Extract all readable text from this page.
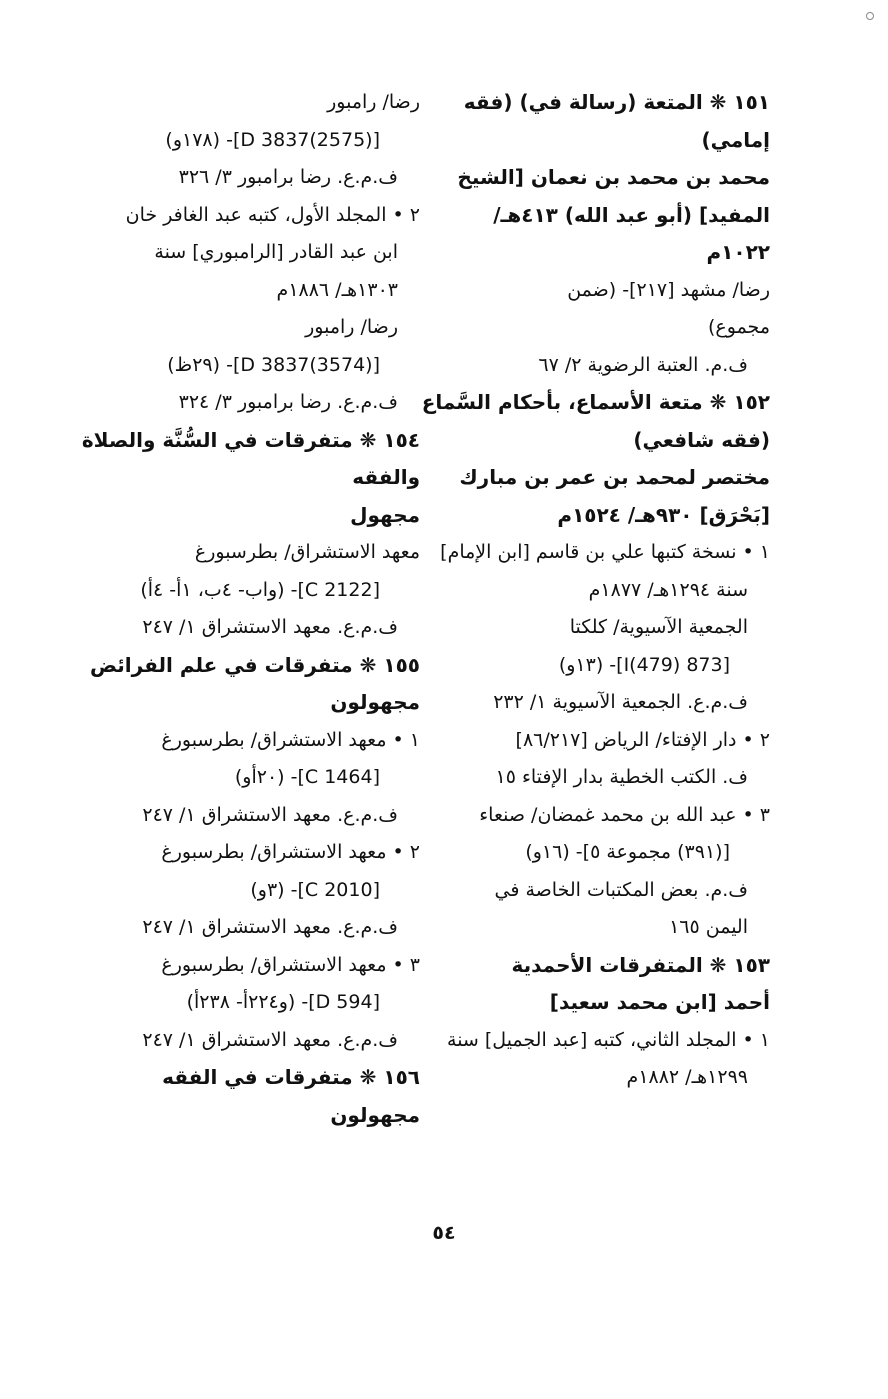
١٥١ ❋ المتعة (رسالة في) (فقه
إمامي)
محمد بن محمد بن نعمان [الشيخ
المفيد] (أبو عبد الله) ٤١٣هـ/
١٠٢٢م
رضا/ مشهد [٢١٧]- (ضمن
مجموع)
ف.م. العتبة الرضوية ٢/ ٦٧
١٥٢ ❋ متعة الأسماع، بأحكام السَّماع
(فقه شافعي)
مختصر لمحمد بن عمر بن مبارك
[بَحْرَق] ٩٣٠هـ/ ١٥٢٤م
١ • نسخة كتبها علي بن قاسم [ابن الإمام]
سنة ١٢٩٤هـ/ ١٨٧٧م
الجمعية الآسيوية/ كلكتا
[873 I(479)]- (١٣و)
ف.م.ع. الجمعية الآسيوية ١/ ٢٣٢
٢ • دار الإفتاء/ الرياض [٨٦/٢١٧]
ف. الكتب الخطية بدار الإفتاء ١٥
٣ • عبد الله بن محمد غمضان/ صنعاء
[(٣٩١) مجموعة ٥]- (١٦و)
ف.م. بعض المكتبات الخاصة في
اليمن ١٦٥
١٥٣ ❋ المتفرقات الأحمدية
أحمد [ابن محمد سعيد]
١ • المجلد الثاني، كتبه [عبد الجميل] سنة
١٢٩٩هـ/ ١٨٨٢م
رضا/ رامبور
[D 3837(2575)]- (١٧٨و)
ف.م.ع. رضا برامبور ٣/ ٣٢٦
٢ • المجلد الأول، كتبه عبد الغافر خان
ابن عبد القادر [الرامبوري] سنة
١٣٠٣هـ/ ١٨٨٦م
رضا/ رامبور
[D 3837(3574)]- (٢٩ظ)
ف.م.ع. رضا برامبور ٣/ ٣٢٤
١٥٤ ❋ متفرقات في السُّنَّة والصلاة
والفقه
مجهول
معهد الاستشراق/ بطرسبورغ
[C 2122]- (واب- ٤ب، ١أ- ٤أ)
ف.م.ع. معهد الاستشراق ١/ ٢٤٧
١٥٥ ❋ متفرقات في علم الفرائض
مجهولون
١ • معهد الاستشراق/ بطرسبورغ
[C 1464]- (٢٠أو)
ف.م.ع. معهد الاستشراق ١/ ٢٤٧
٢ • معهد الاستشراق/ بطرسبورغ
[C 2010]- (٣و)
ف.م.ع. معهد الاستشراق ١/ ٢٤٧
٣ • معهد الاستشراق/ بطرسبورغ
[D 594]- (و٢٢٤أ- ٢٣٨أ)
ف.م.ع. معهد الاستشراق ١/ ٢٤٧
١٥٦ ❋ متفرقات في الفقه
مجهولون
٥٤
